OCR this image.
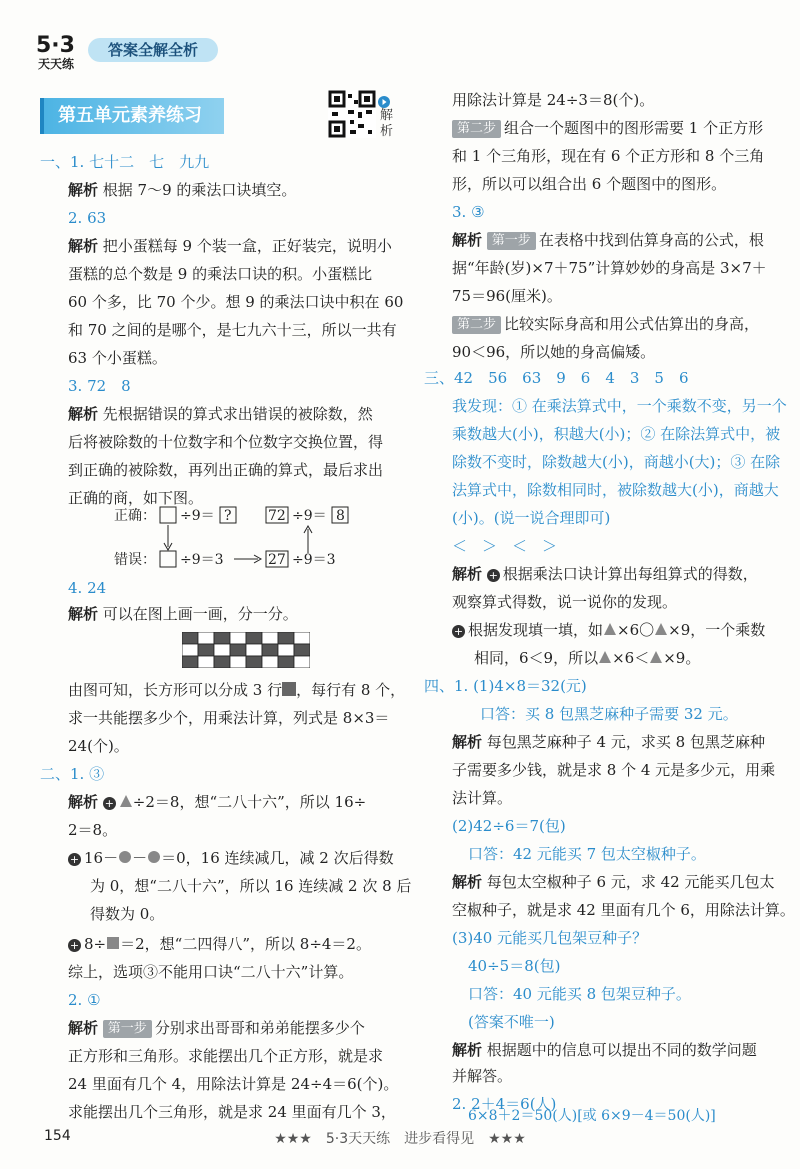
5·3
天天练
答案全解全析
第五单元素养练习	解
析
一、1. 七十二　七　九九
解析 根据 7～9 的乘法口诀填空。
2. 63
解析 把小蛋糕每 9 个装一盒，正好装完，说明小
蛋糕的总个数是 9 的乘法口诀的积。小蛋糕比
60 个多，比 70 个少。想 9 的乘法口诀中积在 60
和 70 之间的是哪个，是七九六十三，所以一共有
63 个小蛋糕。
3. 72　8
解析 先根据错误的算式求出错误的被除数，然
后将被除数的十位数字和个位数字交换位置，得
到正确的被除数，再列出正确的算式，最后求出
正确的商，如下图。
正确： ÷9＝ ?	72 ÷9＝ 8
错误： ÷9＝3	27 ÷9＝3
4. 24
解析 可以在图上画一画，分一分。
由图可知，长方形可以分成 3 行 ，每行有 8 个，
求一共能摆多少个，用乘法计算，列式是 8×3＝
24(个)。
二、1. ③
解析 + ÷2＝8，想“二八十六”，所以 16÷
2＝8。
+ 16－ － ＝0，16 连续减几，减 2 次后得数
为 0，想“二八十六”，所以 16 连续减 2 次 8 后
得数为 0。
+ 8÷ ＝2，想“二四得八”，所以 8÷4＝2。
综上，选项③不能用口诀“二八十六”计算。
2. ①
解析 第一步 分别求出哥哥和弟弟能摆多少个
正方形和三角形。求能摆出几个正方形，就是求
24 里面有几个 4，用除法计算是 24÷4＝6(个)。
求能摆出几个三角形，就是求 24 里面有几个 3，
用除法计算是 24÷3＝8(个)。
第二步 组合一个题图中的图形需要 1 个正方形
和 1 个三角形，现在有 6 个正方形和 8 个三角
形，所以可以组合出 6 个题图中的图形。
3. ③
解析 第一步 在表格中找到估算身高的公式，根
据“年龄(岁)×7＋75”计算妙妙的身高是 3×7＋
75＝96(厘米)。
第二步 比较实际身高和用公式估算出的身高，
90＜96，所以她的身高偏矮。
三、42　56　63　9　6　4　3　5　6
我发现：① 在乘法算式中，一个乘数不变，另一个
乘数越大(小)，积越大(小)；② 在除法算式中，被
除数不变时，除数越大(小)，商越小(大)；③ 在除
法算式中，除数相同时，被除数越大(小)，商越大
(小)。(说一说合理即可)
＜　＞　＜　＞
解析 + 根据乘法口诀计算出每组算式的得数，
观察算式得数，说一说你的发现。
+ 根据发现填一填，如 ×6〇 ×9，一个乘数
相同，6＜9，所以 ×6＜ ×9。
四、1. (1)4×8＝32(元)
口答：买 8 包黑芝麻种子需要 32 元。
解析 每包黑芝麻种子 4 元，求买 8 包黑芝麻种
子需要多少钱，就是求 8 个 4 元是多少元，用乘
法计算。
(2)42÷6＝7(包)
口答：42 元能买 7 包太空椒种子。
解析 每包太空椒种子 6 元，求 42 元能买几包太
空椒种子，就是求 42 里面有几个 6，用除法计算。
(3)40 元能买几包架豆种子？
40÷5＝8(包)
口答：40 元能买 8 包架豆种子。
(答案不唯一)
解析 根据题中的信息可以提出不同的数学问题
并解答。
2. 2＋4＝6(人)
6×8＋2＝50(人)[或 6×9－4＝50(人)]
154	★★★　5·3天天练　进步看得见　★★★
